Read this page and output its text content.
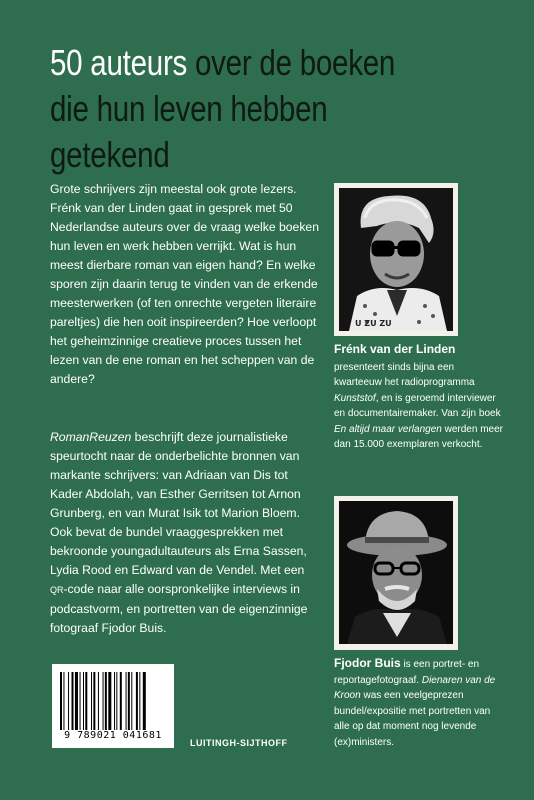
50 auteurs over de boeken
die hun leven hebben getekend

Grote schrijvers zijn meestal ook grote lezers. Frénk van der Linden gaat in gesprek met 50 Nederlandse auteurs over de vraag welke boeken hun leven en werk hebben verrijkt. Wat is hun meest dierbare roman van eigen hand? En welke sporen zijn daarin terug te vinden van de erkende meesterwerken (of ten onrechte vergeten literaire pareltjes) die hen ooit inspireerden? Hoe verloopt het geheimzinnige creatieve proces tussen het lezen van de ene roman en het scheppen van de andere?

RomanReuzen beschrijft deze journalistieke speurtocht naar de onderbelichte bronnen van markante schrijvers: van Adriaan van Dis tot Kader Abdolah, van Esther Gerritsen tot Arnon Grunberg, en van Murat Isik tot Marion Bloem. Ook bevat de bundel vraaggesprekken met bekroonde youngadultauteurs als Erna Sassen, Lydia Rood en Edward van de Vendel. Met een QR-code naar alle oorspronkelijke interviews in podcastvorm, en portretten van de eigenzinnige fotograaf Fjodor Buis.

U ZU ZU

Frénk van der Linden
presenteert sinds bijna een kwarteeuw het radioprogramma Kunststof, en is geroemd interviewer en documentairemaker. Van zijn boek En altijd maar verlangen werden meer dan 15.000 exemplaren verkocht.

Fjodor Buis is een portret- en reportagefotograaf. Dienaren van de Kroon was een veelgeprezen bundel/expositie met portretten van alle op dat moment nog levende (ex)ministers.

9 789021 041681
LUITINGH-SIJTHOFF
